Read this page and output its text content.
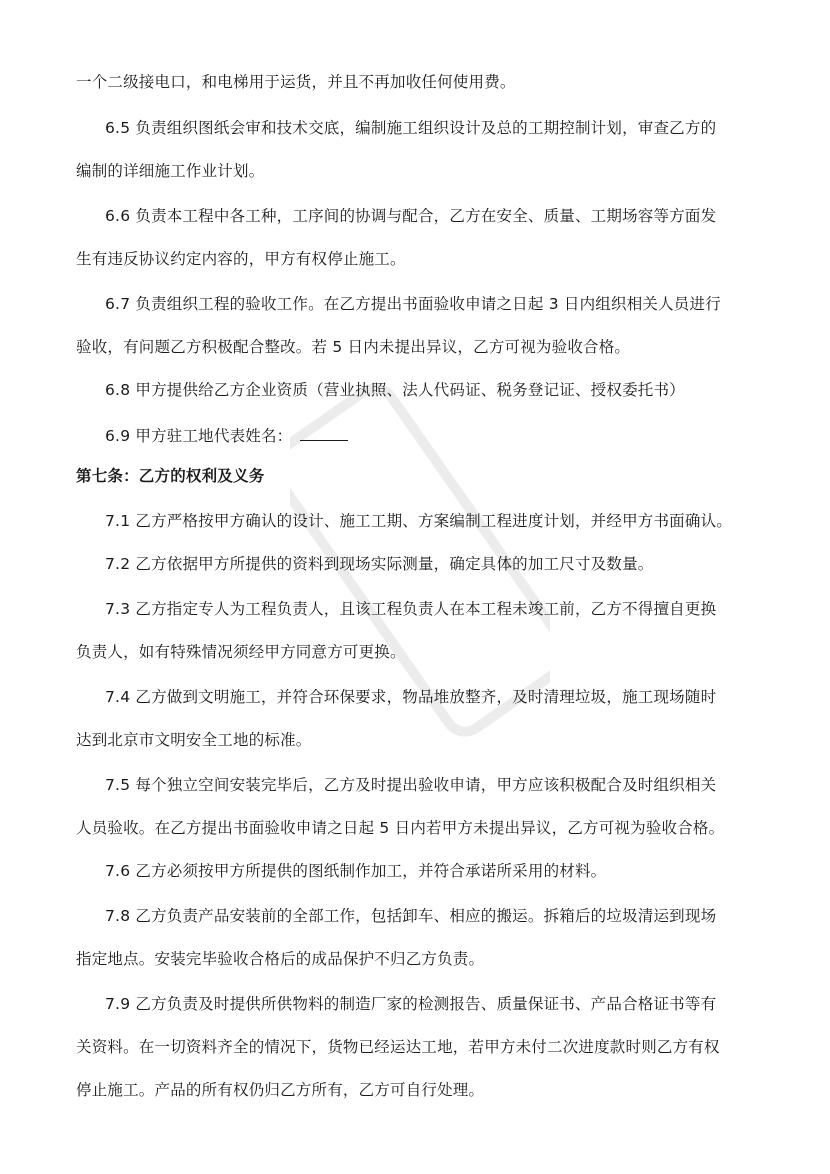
一个二级接电口，和电梯用于运货，并且不再加收任何使用费。

6.5 负责组织图纸会审和技术交底，编制施工组织设计及总的工期控制计划，审查乙方的

编制的详细施工作业计划。

6.6 负责本工程中各工种，工序间的协调与配合，乙方在安全、质量、工期场容等方面发

生有违反协议约定内容的，甲方有权停止施工。

6.7 负责组织工程的验收工作。在乙方提出书面验收申请之日起 3 日内组织相关人员进行

验收，有问题乙方积极配合整改。若 5 日内未提出异议，乙方可视为验收合格。

6.8 甲方提供给乙方企业资质（营业执照、法人代码证、税务登记证、授权委托书）

6.9 甲方驻工地代表姓名：

第七条：乙方的权利及义务

7.1 乙方严格按甲方确认的设计、施工工期、方案编制工程进度计划，并经甲方书面确认。

7.2 乙方依据甲方所提供的资料到现场实际测量，确定具体的加工尺寸及数量。

7.3 乙方指定专人为工程负责人，且该工程负责人在本工程未竣工前，乙方不得擅自更换

负责人，如有特殊情况须经甲方同意方可更换。

7.4 乙方做到文明施工，并符合环保要求，物品堆放整齐，及时清理垃圾，施工现场随时

达到北京市文明安全工地的标准。

7.5 每个独立空间安装完毕后，乙方及时提出验收申请，甲方应该积极配合及时组织相关

人员验收。在乙方提出书面验收申请之日起 5 日内若甲方未提出异议，乙方可视为验收合格。

7.6 乙方必须按甲方所提供的图纸制作加工，并符合承诺所采用的材料。

7.8 乙方负责产品安装前的全部工作，包括卸车、相应的搬运。拆箱后的垃圾清运到现场

指定地点。安装完毕验收合格后的成品保护不归乙方负责。

7.9 乙方负责及时提供所供物料的制造厂家的检测报告、质量保证书、产品合格证书等有

关资料。在一切资料齐全的情况下，货物已经运达工地，若甲方未付二次进度款时则乙方有权

停止施工。产品的所有权仍归乙方所有，乙方可自行处理。
